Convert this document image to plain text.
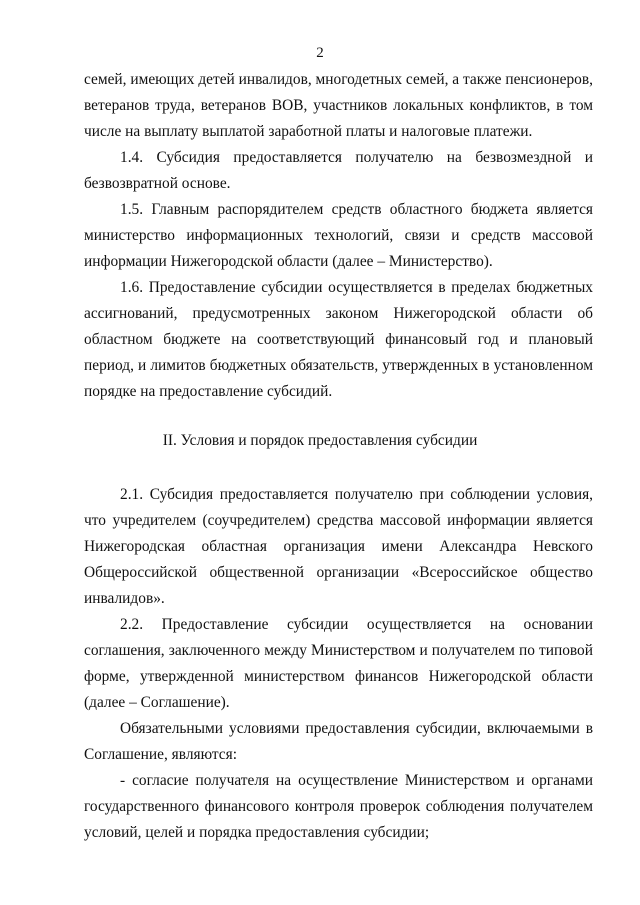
2
семей, имеющих детей инвалидов, многодетных семей, а также пенсионеров,
ветеранов труда, ветеранов ВОВ, участников локальных конфликтов, в том
числе на выплату выплатой заработной платы и налоговые платежи.
1.4. Субсидия предоставляется получателю на безвозмездной и
безвозвратной основе.
1.5. Главным распорядителем средств областного бюджета является
министерство информационных технологий, связи и средств массовой
информации Нижегородской области (далее – Министерство).
1.6. Предоставление субсидии осуществляется в пределах бюджетных
ассигнований, предусмотренных законом Нижегородской области об
областном бюджете на соответствующий финансовый год и плановый
период, и лимитов бюджетных обязательств, утвержденных в установленном
порядке на предоставление субсидий.
II. Условия и порядок предоставления субсидии
2.1. Субсидия предоставляется получателю при соблюдении условия,
что учредителем (соучредителем) средства массовой информации является
Нижегородская областная организация имени Александра Невского
Общероссийской общественной организации «Всероссийское общество
инвалидов».
2.2. Предоставление субсидии осуществляется на основании
соглашения, заключенного между Министерством и получателем по типовой
форме, утвержденной министерством финансов Нижегородской области
(далее – Соглашение).
Обязательными условиями предоставления субсидии, включаемыми в
Соглашение, являются:
- согласие получателя на осуществление Министерством и органами
государственного финансового контроля проверок соблюдения получателем
условий, целей и порядка предоставления субсидии;
